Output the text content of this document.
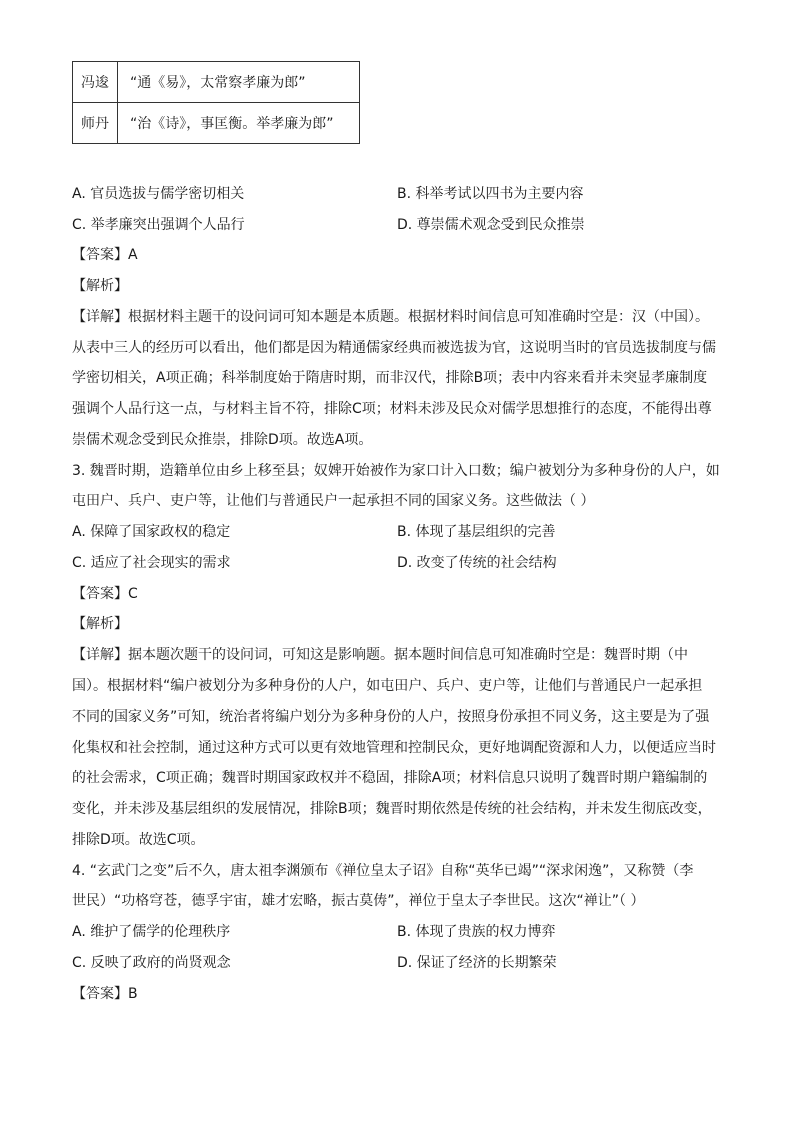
冯逡	“通《易》，太常察孝廉为郎”
师丹	“治《诗》，事匡衡。举孝廉为郎”
A. 官员选拔与儒学密切相关	B. 科举考试以四书为主要内容
C. 举孝廉突出强调个人品行	D. 尊崇儒术观念受到民众推崇
【答案】A
【解析】
【详解】根据材料主题干的设问词可知本题是本质题。根据材料时间信息可知准确时空是：汉（中国）。
从表中三人的经历可以看出，他们都是因为精通儒家经典而被选拔为官，这说明当时的官员选拔制度与儒
学密切相关，A项正确；科举制度始于隋唐时期，而非汉代，排除B项；表中内容来看并未突显孝廉制度
强调个人品行这一点，与材料主旨不符，排除C项；材料未涉及民众对儒学思想推行的态度，不能得出尊
崇儒术观念受到民众推崇，排除D项。故选A项。
3. 魏晋时期，造籍单位由乡上移至县；奴婢开始被作为家口计入口数；编户被划分为多种身份的人户，如
屯田户、兵户、吏户等，让他们与普通民户一起承担不同的国家义务。这些做法（ ）
A. 保障了国家政权的稳定	B. 体现了基层组织的完善
C. 适应了社会现实的需求	D. 改变了传统的社会结构
【答案】C
【解析】
【详解】据本题次题干的设问词，可知这是影响题。据本题时间信息可知准确时空是：魏晋时期（中
国）。根据材料“编户被划分为多种身份的人户，如屯田户、兵户、吏户等，让他们与普通民户一起承担
不同的国家义务”可知，统治者将编户划分为多种身份的人户，按照身份承担不同义务，这主要是为了强
化集权和社会控制，通过这种方式可以更有效地管理和控制民众，更好地调配资源和人力，以便适应当时
的社会需求，C项正确；魏晋时期国家政权并不稳固，排除A项；材料信息只说明了魏晋时期户籍编制的
变化，并未涉及基层组织的发展情况，排除B项；魏晋时期依然是传统的社会结构，并未发生彻底改变，
排除D项。故选C项。
4. “玄武门之变”后不久，唐太祖李渊颁布《禅位皇太子诏》自称“英华已竭”“深求闲逸”，又称赞（李
世民）“功格穹苍，德孚宇宙，雄才宏略，振古莫俦”，禅位于皇太子李世民。这次“禅让”（ ）
A. 维护了儒学的伦理秩序	B. 体现了贵族的权力博弈
C. 反映了政府的尚贤观念	D. 保证了经济的长期繁荣
【答案】B
